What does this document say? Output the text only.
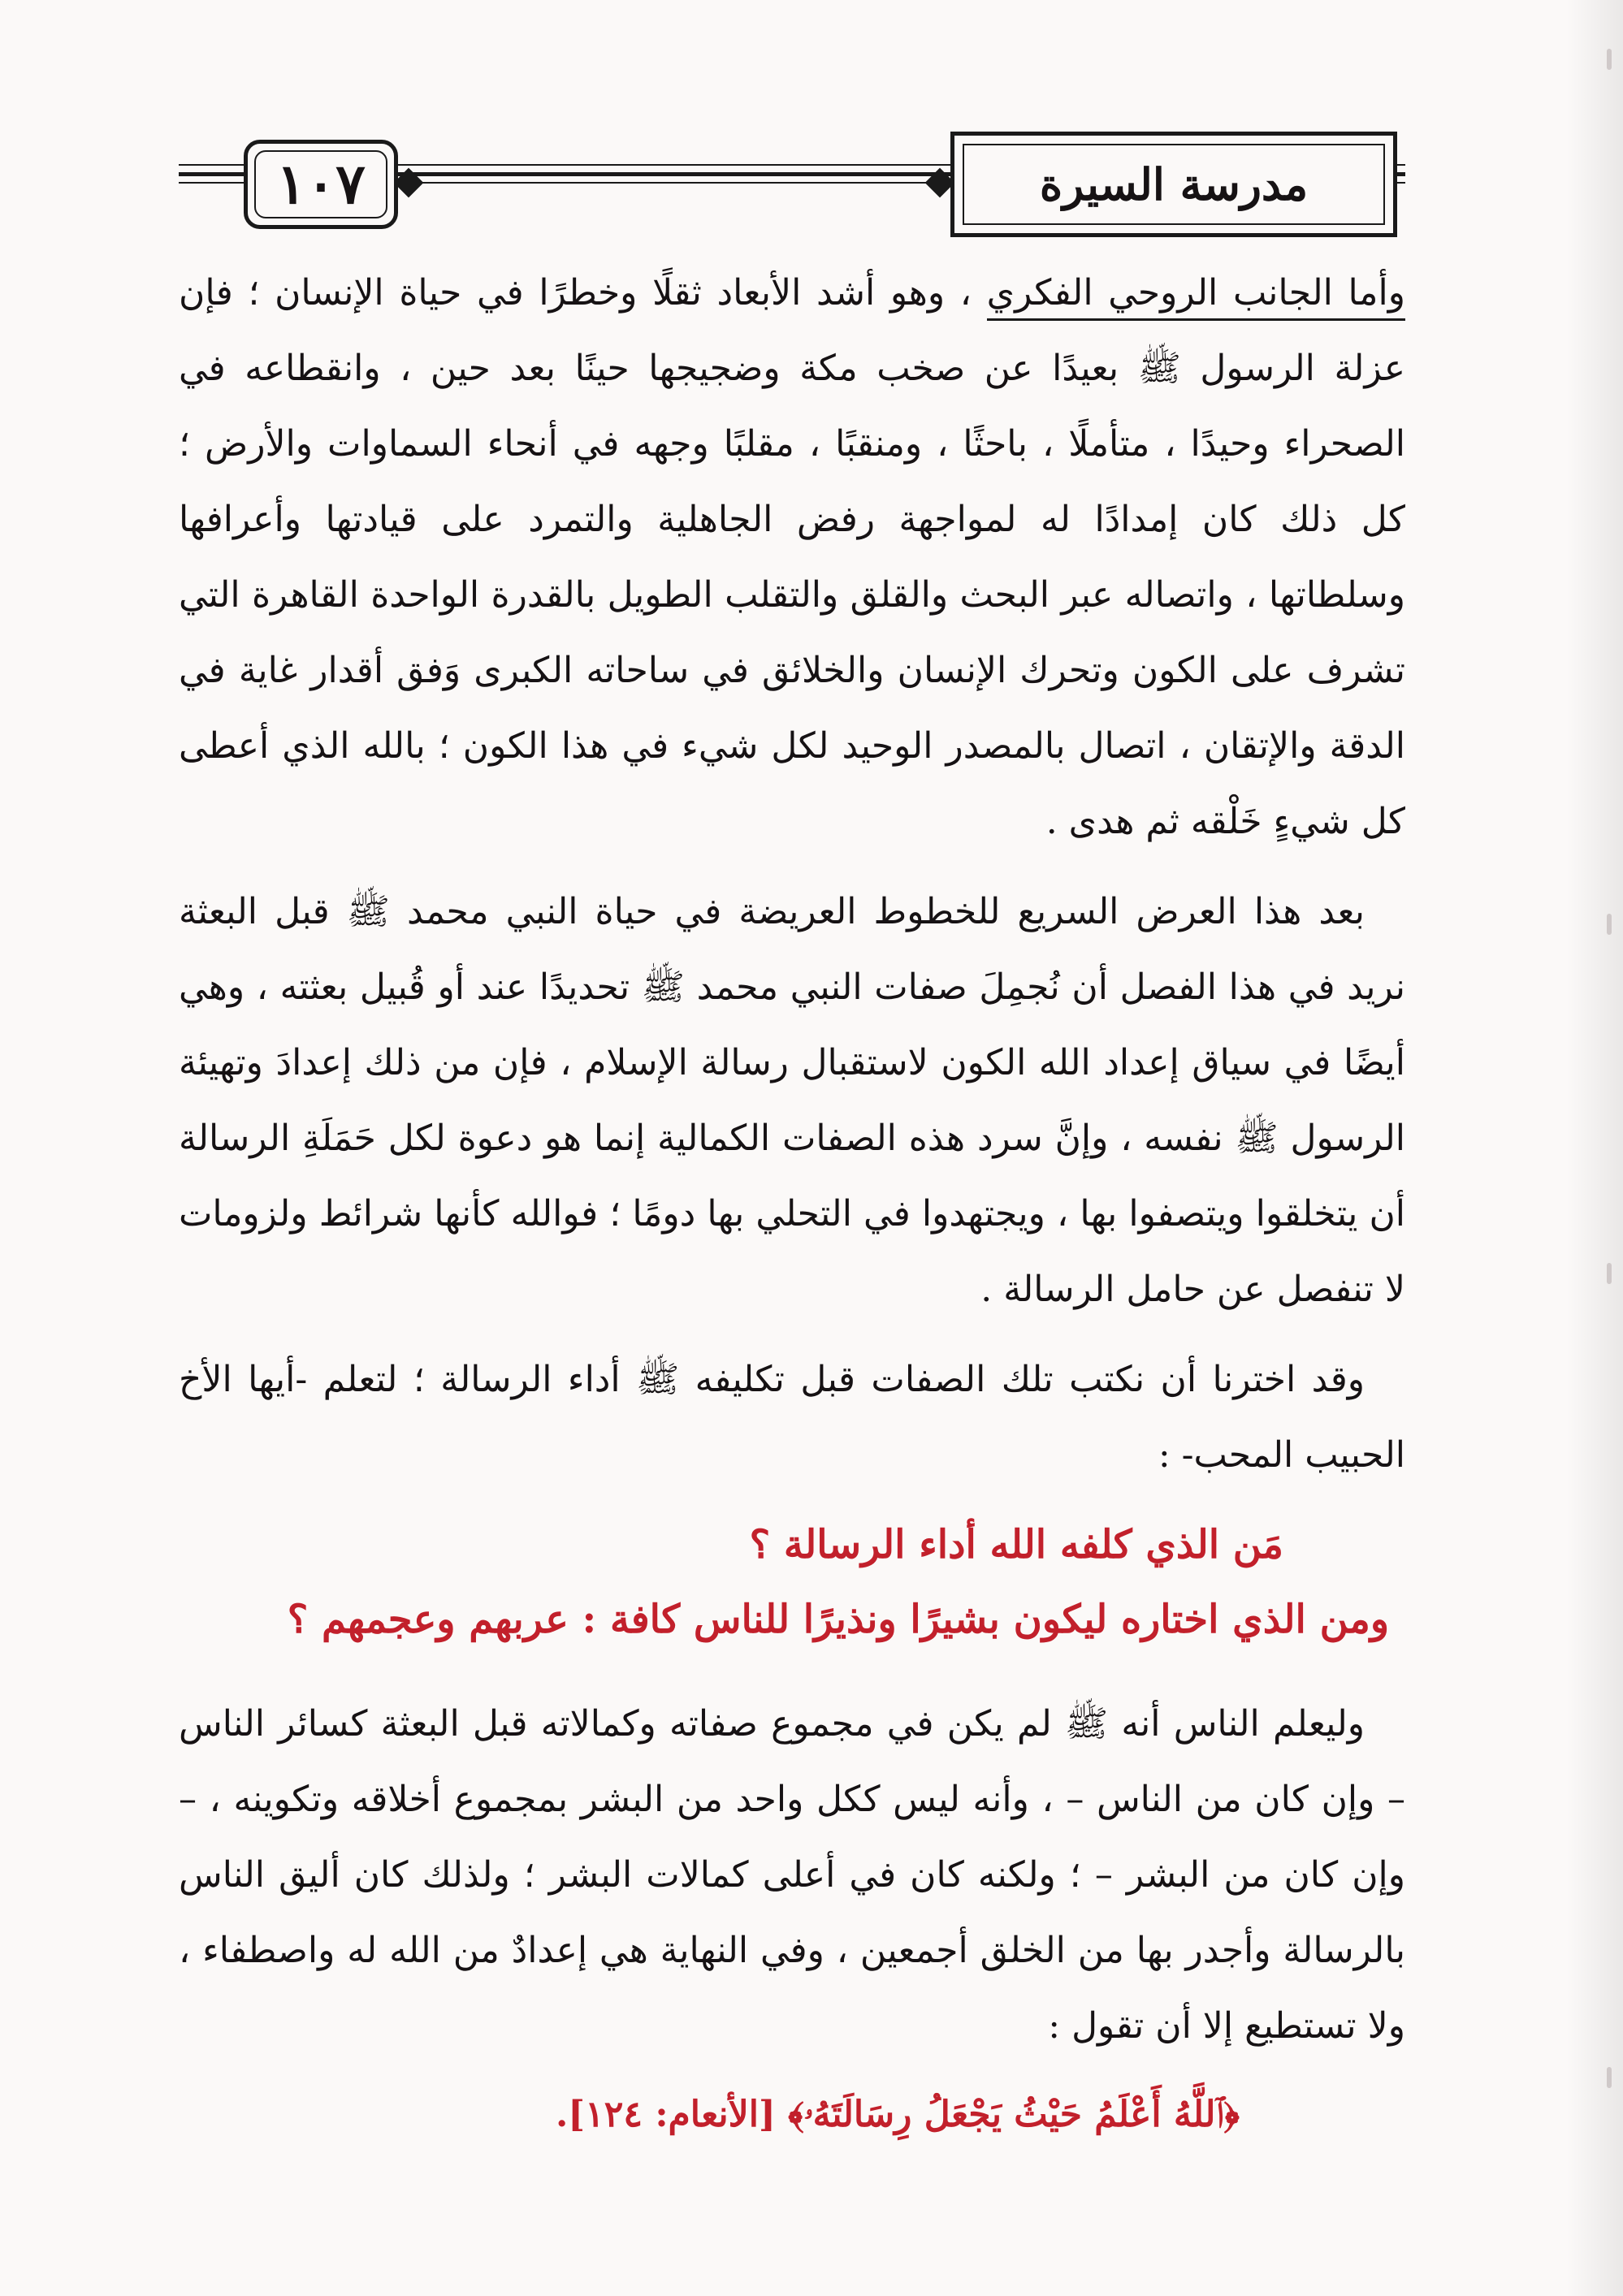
١٠٧	مدرسة السيرة
وأما الجانب الروحي الفكري ، وهو أشد الأبعاد ثقلًا وخطرًا في حياة الإنسان ؛ فإن عزلة الرسول ﷺ بعيدًا عن صخب مكة وضجيجها حينًا بعد حين ، وانقطاعه في الصحراء وحيدًا ، متأملًا ، باحثًا ، ومنقبًا ، مقلبًا وجهه في أنحاء السماوات والأرض ؛ كل ذلك كان إمدادًا له لمواجهة رفض الجاهلية والتمرد على قيادتها وأعرافها وسلطاتها ، واتصاله عبر البحث والقلق والتقلب الطويل بالقدرة الواحدة القاهرة التي تشرف على الكون وتحرك الإنسان والخلائق في ساحاته الكبرى وَفق أقدار غاية في الدقة والإتقان ، اتصال بالمصدر الوحيد لكل شيء في هذا الكون ؛ بالله الذي أعطى كل شيءٍ خَلْقه ثم هدى .
بعد هذا العرض السريع للخطوط العريضة في حياة النبي محمد ﷺ قبل البعثة نريد في هذا الفصل أن نُجمِلَ صفات النبي محمد ﷺ تحديدًا عند أو قُبيل بعثته ، وهي أيضًا في سياق إعداد الله الكون لاستقبال رسالة الإسلام ، فإن من ذلك إعدادَ وتهيئة الرسول ﷺ نفسه ، وإنَّ سرد هذه الصفات الكمالية إنما هو دعوة لكل حَمَلَةِ الرسالة أن يتخلقوا ويتصفوا بها ، ويجتهدوا في التحلي بها دومًا ؛ فوالله كأنها شرائط ولزومات لا تنفصل عن حامل الرسالة .
وقد اخترنا أن نكتب تلك الصفات قبل تكليفه ﷺ أداء الرسالة ؛ لتعلم -أيها الأخ الحبيب المحب- :
مَن الذي كلفه الله أداء الرسالة ؟
ومن الذي اختاره ليكون بشيرًا ونذيرًا للناس كافة : عربهم وعجمهم ؟
وليعلم الناس أنه ﷺ لم يكن في مجموع صفاته وكمالاته قبل البعثة كسائر الناس – وإن كان من الناس – ، وأنه ليس ككل واحد من البشر بمجموع أخلاقه وتكوينه ، – وإن كان من البشر – ؛ ولكنه كان في أعلى كمالات البشر ؛ ولذلك كان أليق الناس بالرسالة وأجدر بها من الخلق أجمعين ، وفي النهاية هي إعدادٌ من الله له واصطفاء ، ولا تستطيع إلا أن تقول :
﴿ٱللَّهُ أَعْلَمُ حَيْثُ يَجْعَلُ رِسَالَتَهُۥ﴾ [الأنعام: ١٢٤].
